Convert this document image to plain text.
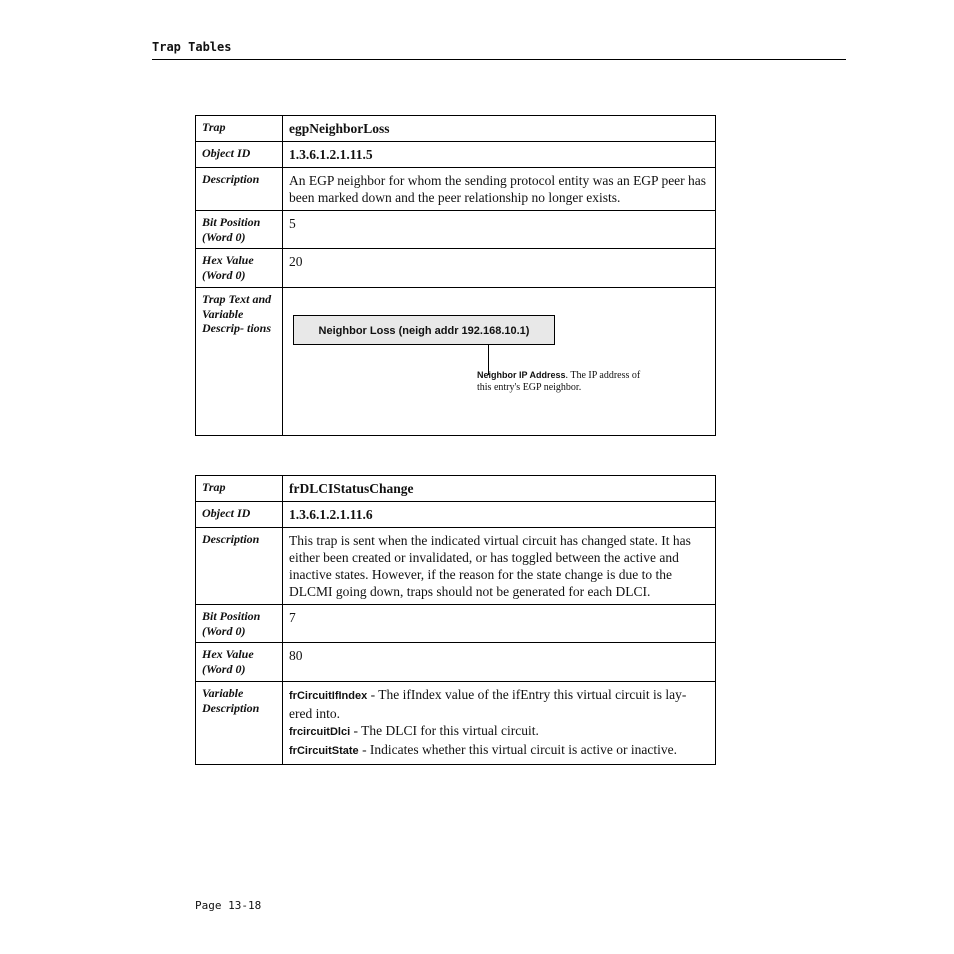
Trap Tables
Trap	egpNeighborLoss
Object ID	1.3.6.1.2.1.11.5
Description	An EGP neighbor for whom the sending protocol entity was an EGP peer has been marked down and the peer relationship no longer exists.
Bit Position (Word 0)	5
Hex Value (Word 0)	20
Trap Text and Variable Descrip- tions	Neighbor Loss (neigh addr 192.168.10.1)
Neighbor IP Address. The IP address of this entry's EGP neighbor.
Trap	frDLCIStatusChange
Object ID	1.3.6.1.2.1.11.6
Description	This trap is sent when the indicated virtual circuit has changed state. It has either been created or invalidated, or has toggled between the active and inactive states. However, if the reason for the state change is due to the DLCMI going down, traps should not be generated for each DLCI.
Bit Position (Word 0)	7
Hex Value (Word 0)	80
Variable Description	frCircuitIfIndex - The ifIndex value of the ifEntry this virtual circuit is lay- ered into.
frcircuitDlci - The DLCI for this virtual circuit.
frCircuitState - Indicates whether this virtual circuit is active or inactive.
Page 13-18
